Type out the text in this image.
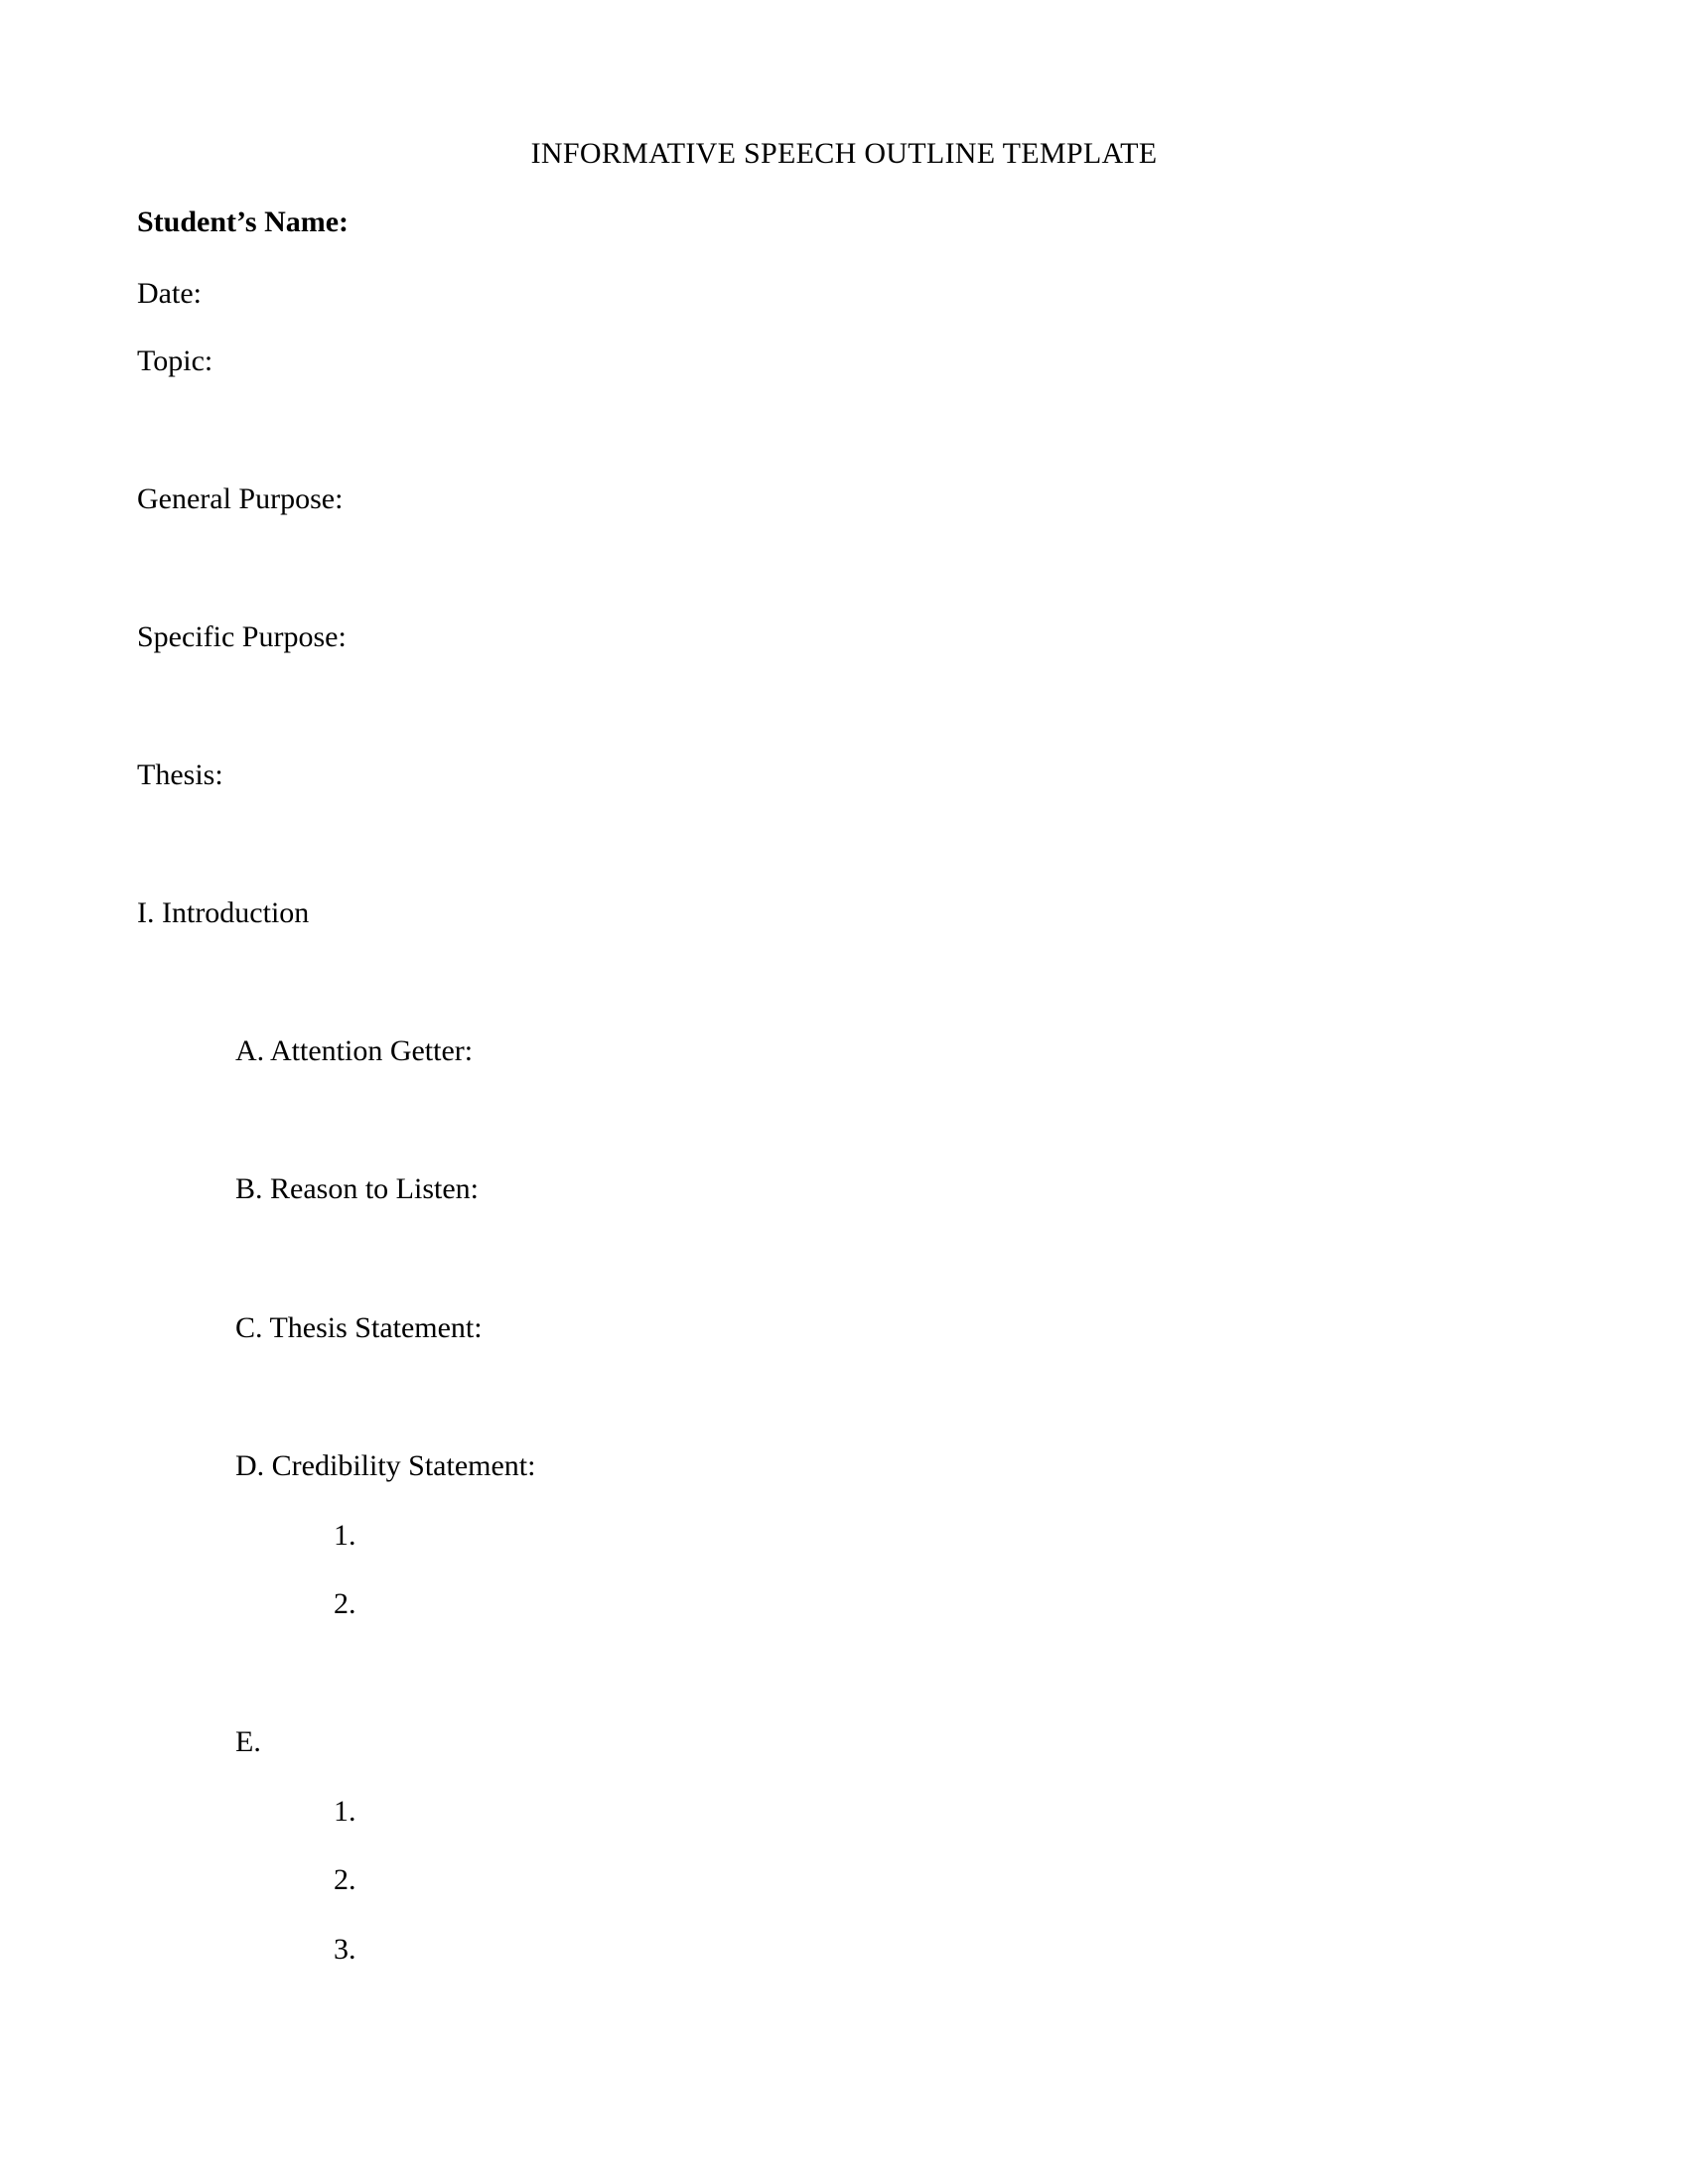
INFORMATIVE SPEECH OUTLINE TEMPLATE
Student’s Name:
Date:
Topic:
General Purpose:
Specific Purpose:
Thesis:
I. Introduction
A. Attention Getter:
B. Reason to Listen:
C. Thesis Statement:
D. Credibility Statement:
1.
2.
E.
1.
2.
3.
